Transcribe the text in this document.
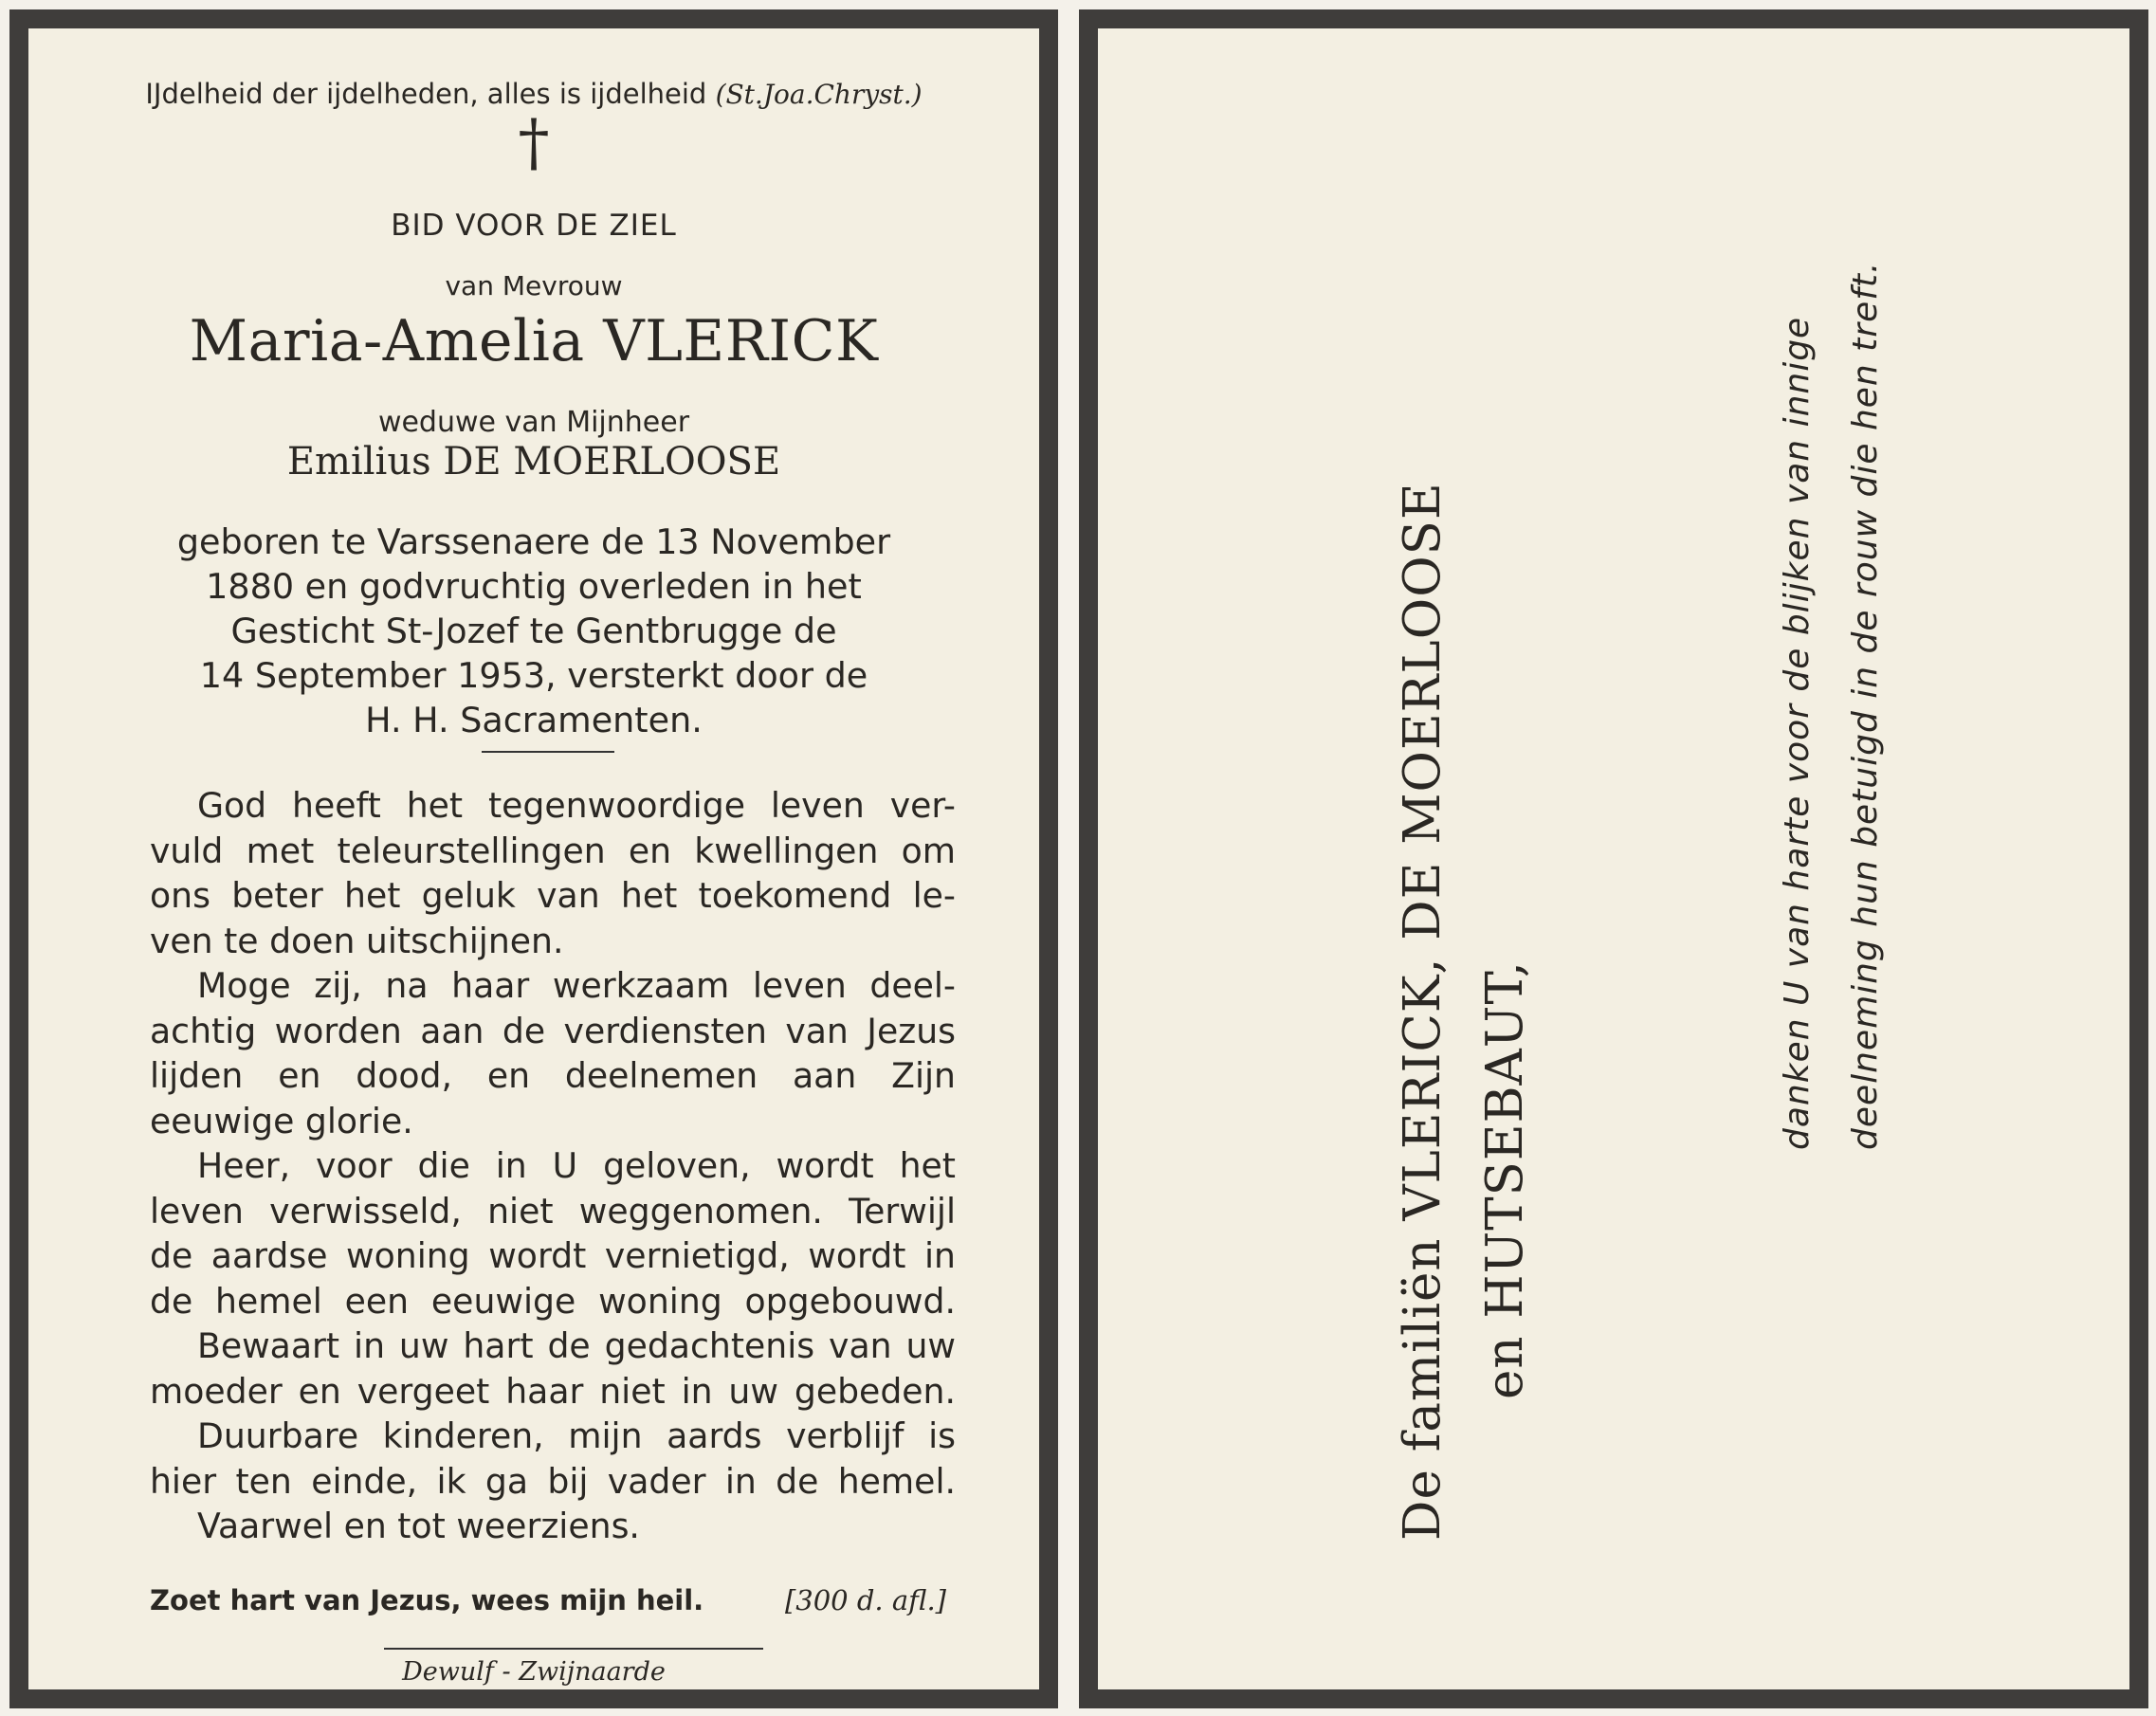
IJdelheid der ijdelheden, alles is ijdelheid (St.Joa.Chryst.)
†
BID VOOR DE ZIEL
van Mevrouw
Maria-Amelia VLERICK
weduwe van Mijnheer
Emilius DE MOERLOOSE
geboren te Varssenaere de 13 November
1880 en godvruchtig overleden in het
Gesticht St-Jozef te Gentbrugge de
14 September 1953, versterkt door de
H. H. Sacramenten.
God heeft het tegenwoordige leven ver-
vuld met teleurstellingen en kwellingen om
ons beter het geluk van het toekomend le-
ven te doen uitschijnen.
Moge zij, na haar werkzaam leven deel-
achtig worden aan de verdiensten van Jezus
lijden en dood, en deelnemen aan Zijn
eeuwige glorie.
Heer, voor die in U geloven, wordt het
leven verwisseld, niet weggenomen. Terwijl
de aardse woning wordt vernietigd, wordt in
de hemel een eeuwige woning opgebouwd.
Bewaart in uw hart de gedachtenis van uw
moeder en vergeet haar niet in uw gebeden.
Duurbare kinderen, mijn aards verblijf is
hier ten einde, ik ga bij vader in de hemel.
Vaarwel en tot weerziens.
Zoet hart van Jezus, wees mijn heil.	[300 d. afl.]
Dewulf - Zwijnaarde
De familiën VLERICK, DE MOERLOOSE en HUTSEBAUT,
danken U van harte voor de blijken van innige deelneming hun betuigd in de rouw die hen treft.
